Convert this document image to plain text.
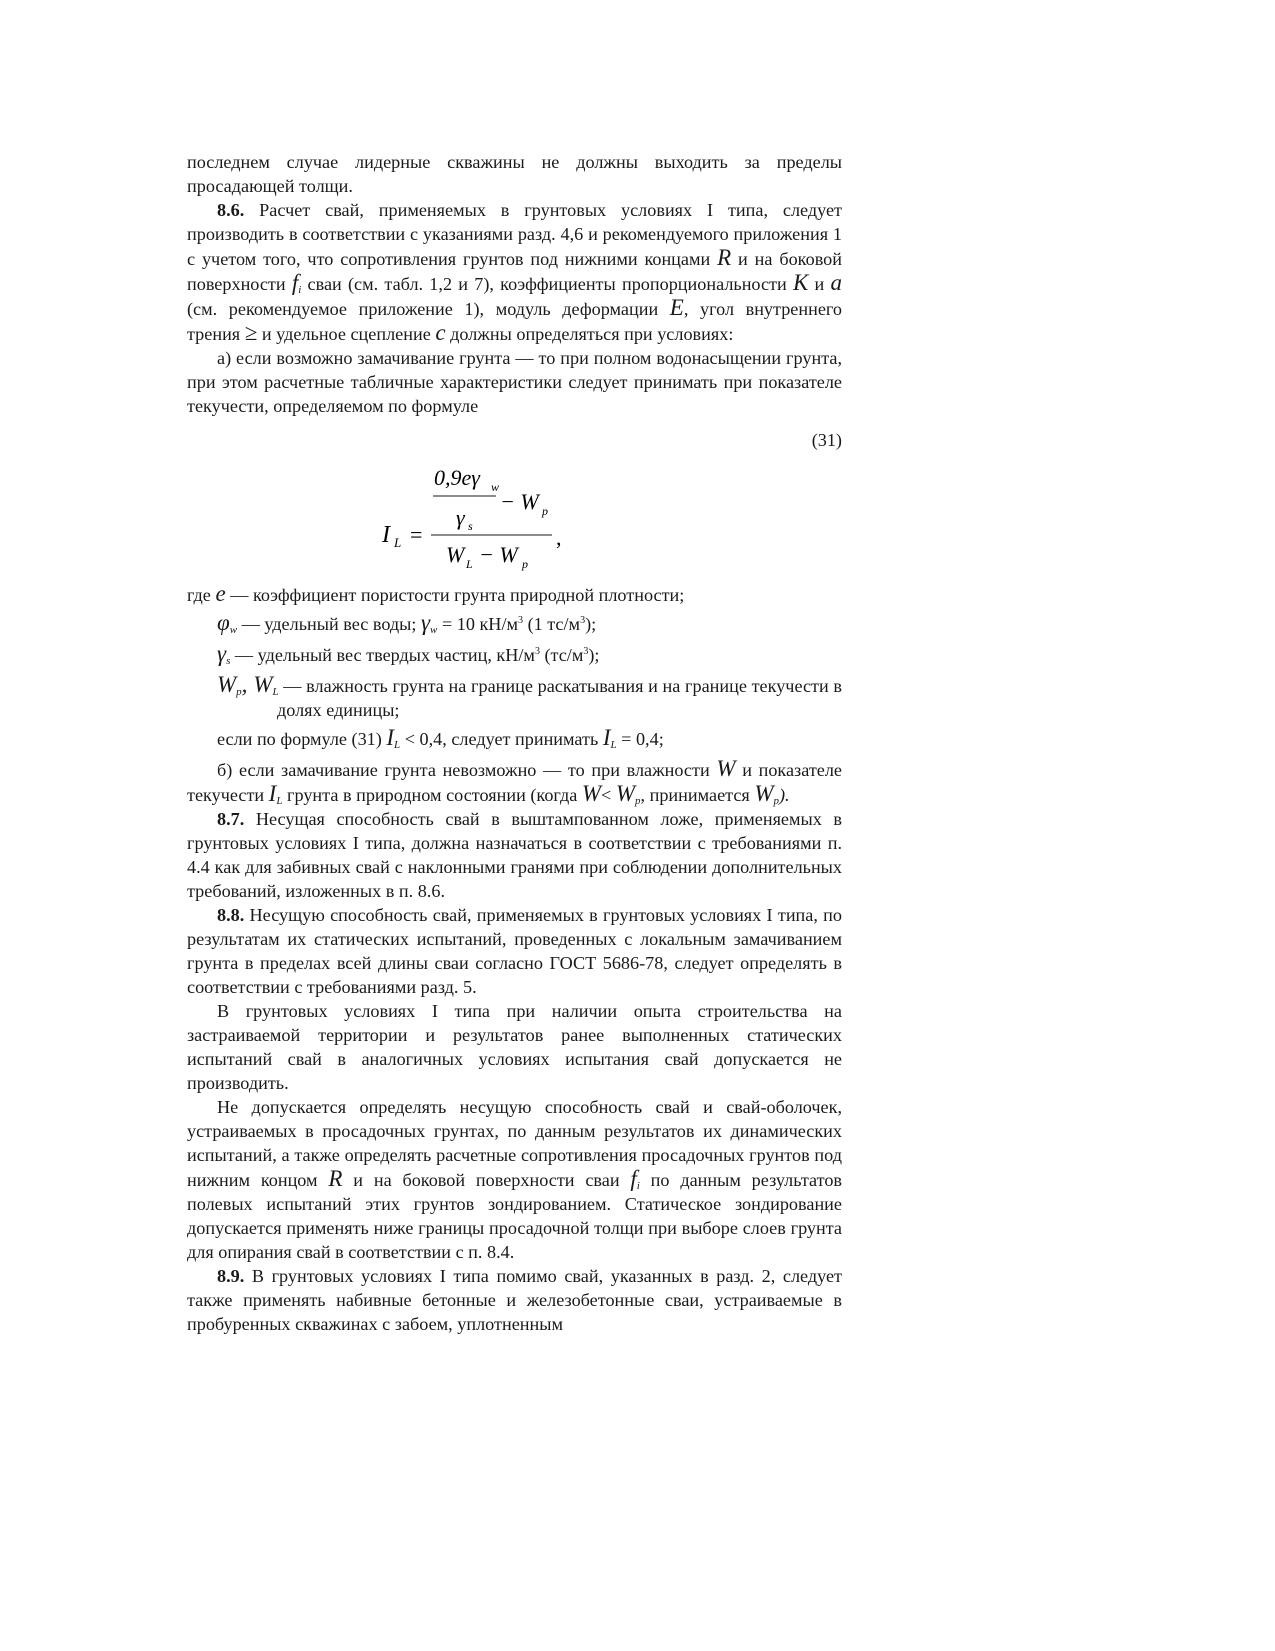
последнем случае лидерные скважины не должны выходить за пределы просадающей толщи.

8.6. Расчет свай, применяемых в грунтовых условиях I типа, следует производить в соответствии с указаниями разд. 4,6 и рекомендуемого приложения 1 с учетом того, что сопротивления грунтов под нижними концами R и на боковой поверхности $f_i$ сваи (см. табл. 1,2 и 7), коэффициенты пропорциональности K и a (см. рекомендуемое приложение 1), модуль деформации E, угол внутреннего трения ≥ и удельное сцепление c должны определяться при условиях:

а) если возможно замачивание грунта — то при полном водонасыщении грунта, при этом расчетные табличные характеристики следует принимать при показателе текучести, определяемом по формуле

(31)
I L =
0,9eγ w
γ s
− W p
W L − W p
,

где e — коэффициент пористости грунта природной плотности;

$\varphi_w$ — удельный вес воды; $\gamma_w = 10$ $кН/м^3$ (1 $тс/м^3$);

$\gamma_s$ — удельный вес твердых частиц, $кН/м^3$ $(тс/м^3)$;

$W_p$, $W_L$ — влажность грунта на границе раскатывания и на границе текучести в долях единицы;

если по формуле (31) $I_L < 0,4$, следует принимать $I_L = 0,4$;

б) если замачивание грунта невозможно — то при влажности W и показателе текучести $I_L$ грунта в природном состоянии (когда $W< W_p$, принимается $W_p$).

8.7. Несущая способность свай в выштампованном ложе, применяемых в грунтовых условиях I типа, должна назначаться в соответствии с требованиями п. 4.4 как для забивных свай с наклонными гранями при соблюдении дополнительных требований, изложенных в п. 8.6.

8.8. Несущую способность свай, применяемых в грунтовых условиях I типа, по результатам их статических испытаний, проведенных с локальным замачиванием грунта в пределах всей длины сваи согласно ГОСТ 5686-78, следует определять в соответствии с требованиями разд. 5.

В грунтовых условиях I типа при наличии опыта строительства на застраиваемой территории и результатов ранее выполненных статических испытаний свай в аналогичных условиях испытания свай допускается не производить.

Не допускается определять несущую способность свай и свай-оболочек, устраиваемых в просадочных грунтах, по данным результатов их динамических испытаний, а также определять расчетные сопротивления просадочных грунтов под нижним концом R и на боковой поверхности сваи $f_i$ по данным результатов полевых испытаний этих грунтов зондированием. Статическое зондирование допускается применять ниже границы просадочной толщи при выборе слоев грунта для опирания свай в соответствии с п. 8.4.

8.9. В грунтовых условиях I типа помимо свай, указанных в разд. 2, следует также применять набивные бетонные и железобетонные сваи, устраиваемые в пробуренных скважинах с забоем, уплотненным
